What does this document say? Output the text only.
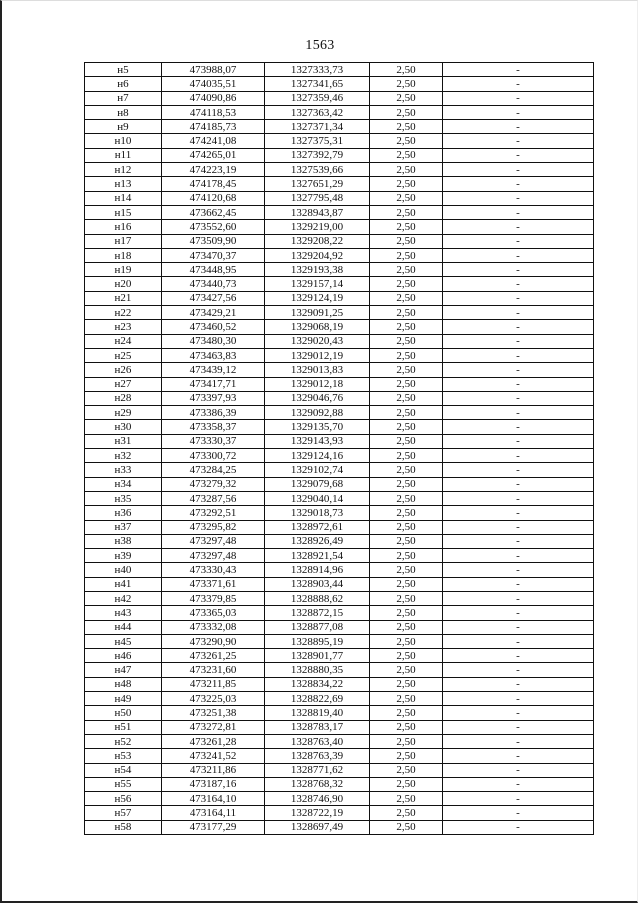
1563
н5	473988,07	1327333,73	2,50	-
н6	474035,51	1327341,65	2,50	-
н7	474090,86	1327359,46	2,50	-
н8	474118,53	1327363,42	2,50	-
н9	474185,73	1327371,34	2,50	-
н10	474241,08	1327375,31	2,50	-
н11	474265,01	1327392,79	2,50	-
н12	474223,19	1327539,66	2,50	-
н13	474178,45	1327651,29	2,50	-
н14	474120,68	1327795,48	2,50	-
н15	473662,45	1328943,87	2,50	-
н16	473552,60	1329219,00	2,50	-
н17	473509,90	1329208,22	2,50	-
н18	473470,37	1329204,92	2,50	-
н19	473448,95	1329193,38	2,50	-
н20	473440,73	1329157,14	2,50	-
н21	473427,56	1329124,19	2,50	-
н22	473429,21	1329091,25	2,50	-
н23	473460,52	1329068,19	2,50	-
н24	473480,30	1329020,43	2,50	-
н25	473463,83	1329012,19	2,50	-
н26	473439,12	1329013,83	2,50	-
н27	473417,71	1329012,18	2,50	-
н28	473397,93	1329046,76	2,50	-
н29	473386,39	1329092,88	2,50	-
н30	473358,37	1329135,70	2,50	-
н31	473330,37	1329143,93	2,50	-
н32	473300,72	1329124,16	2,50	-
н33	473284,25	1329102,74	2,50	-
н34	473279,32	1329079,68	2,50	-
н35	473287,56	1329040,14	2,50	-
н36	473292,51	1329018,73	2,50	-
н37	473295,82	1328972,61	2,50	-
н38	473297,48	1328926,49	2,50	-
н39	473297,48	1328921,54	2,50	-
н40	473330,43	1328914,96	2,50	-
н41	473371,61	1328903,44	2,50	-
н42	473379,85	1328888,62	2,50	-
н43	473365,03	1328872,15	2,50	-
н44	473332,08	1328877,08	2,50	-
н45	473290,90	1328895,19	2,50	-
н46	473261,25	1328901,77	2,50	-
н47	473231,60	1328880,35	2,50	-
н48	473211,85	1328834,22	2,50	-
н49	473225,03	1328822,69	2,50	-
н50	473251,38	1328819,40	2,50	-
н51	473272,81	1328783,17	2,50	-
н52	473261,28	1328763,40	2,50	-
н53	473241,52	1328763,39	2,50	-
н54	473211,86	1328771,62	2,50	-
н55	473187,16	1328768,32	2,50	-
н56	473164,10	1328746,90	2,50	-
н57	473164,11	1328722,19	2,50	-
н58	473177,29	1328697,49	2,50	-
